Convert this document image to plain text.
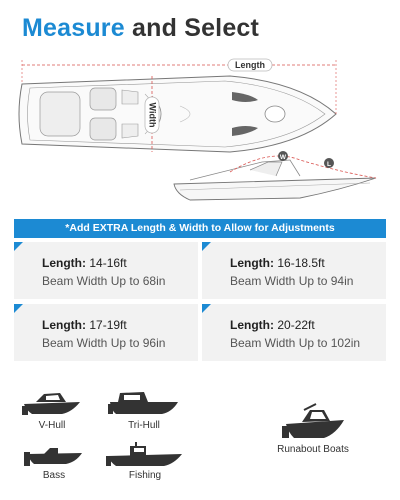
Measure and Select
Length
Width
W
L
*Add EXTRA Length & Width to Allow for Adjustments
Length: 14-16ft
Beam Width Up to 68in
Length: 16-18.5ft
Beam Width Up to 94in
Length: 17-19ft
Beam Width Up to 96in
Length: 20-22ft
Beam Width Up to 102in
V-Hull	Tri-Hull
Bass	Fishing
Runabout Boats
